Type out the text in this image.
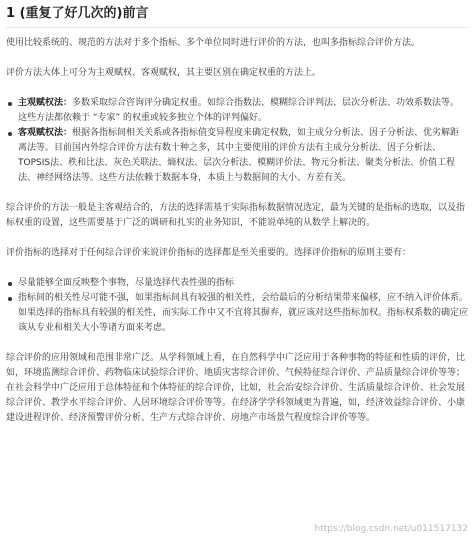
1 (重复了好几次的)前言

使用比较系统的、规范的方法对于多个指标、多个单位同时进行评价的方法，也叫多指标综合评价方法。

评价方法大体上可分为主观赋权、客观赋权，其主要区别在确定权重的方法上。

主观赋权法：多数采取综合咨询评分确定权重。如综合指数法、模糊综合评判法、层次分析法、功效系数法等。这些方法都依赖于 “专家” 的权重或较多独立个体的评判偏好。
客观赋权法：根据各指标间相关关系或各指标值变异程度来确定权数，如主成分分析法、因子分析法、优劣解距离法等。目前国内外综合评价方法有数十种之多，其中主要使用的评价方法有主成分分析法、因子分析法、TOPSIS法、秩和比法、灰色关联法、熵权法、层次分析法、模糊评价法、物元分析法、聚类分析法、价值工程法、神经网络法等。这些方法依赖于数据本身，本质上与数据间的大小、方差有关。

综合评价的方法一般是主客观结合的，方法的选择需基于实际指标数据情况选定，最为关键的是指标的选取，以及指标权重的设置，这些需要基于广泛的调研和扎实的业务知识，不能说单纯的从数学上解决的。

评价指标的选择对于任何综合评价来说评价指标的选择都是至关重要的。选择评价指标的原则主要有：

尽量能够全面反映整个事物，尽量选择代表性强的指标
指标间的相关性尽可能不强，如果指标间具有较强的相关性，会给最后的分析结果带来偏移，应不纳入评价体系。如果选择的指标具有较强的相关性，而实际工作中又不宜将其摒弃，就应该对这些指标加权。指标权系数的确定应该从专业和相关大小等诸方面来考虑。

综合评价的应用领域和范围非常广泛。从学科领域上看，在自然科学中广泛应用于各种事物的特征和性质的评价，比如，环境监测综合评价、药物临床试验综合评价、地质灾害综合评价、气候特征综合评价、产品质量综合评价等等；在社会科学中广泛应用于总体特征和个体特征的综合评价，比如，社会治安综合评价、生活质量综合评价、社会发展综合评价、教学水平综合评价、人居环境综合评价等等。在经济学学科领域更为普遍，如，经济效益综合评价、小康建设进程评价、经济预警评价分析、生产方式综合评价、房地产市场景气程度综合评价等等。

https://blog.csdn.net/u011517132
